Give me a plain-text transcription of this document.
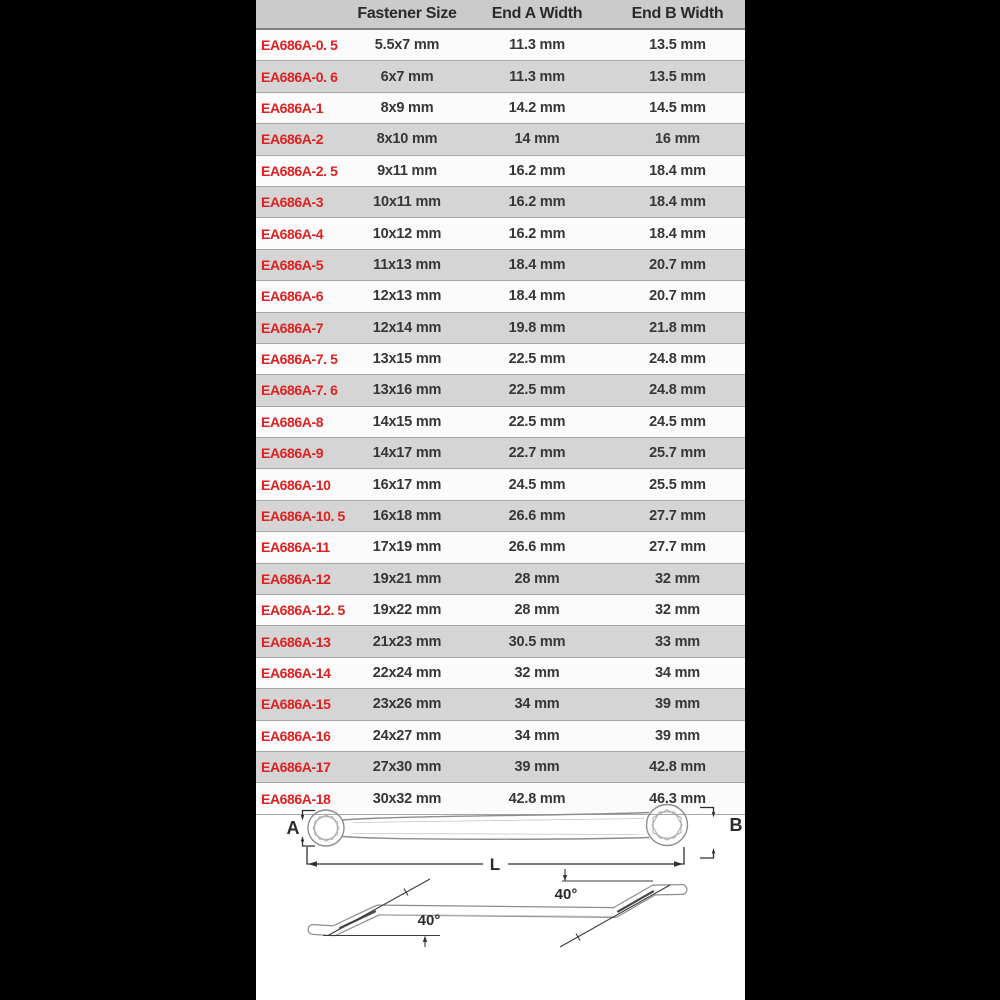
	Fastener Size	End A Width	End B Width
EA686A-0. 5	5.5x7 mm	11.3 mm	13.5 mm
EA686A-0. 6	6x7 mm	11.3 mm	13.5 mm
EA686A-1	8x9 mm	14.2 mm	14.5 mm
EA686A-2	8x10 mm	14 mm	16 mm
EA686A-2. 5	9x11 mm	16.2 mm	18.4 mm
EA686A-3	10x11 mm	16.2 mm	18.4 mm
EA686A-4	10x12 mm	16.2 mm	18.4 mm
EA686A-5	11x13 mm	18.4 mm	20.7 mm
EA686A-6	12x13 mm	18.4 mm	20.7 mm
EA686A-7	12x14 mm	19.8 mm	21.8 mm
EA686A-7. 5	13x15 mm	22.5 mm	24.8 mm
EA686A-7. 6	13x16 mm	22.5 mm	24.8 mm
EA686A-8	14x15 mm	22.5 mm	24.5 mm
EA686A-9	14x17 mm	22.7 mm	25.7 mm
EA686A-10	16x17 mm	24.5 mm	25.5 mm
EA686A-10. 5	16x18 mm	26.6 mm	27.7 mm
EA686A-11	17x19 mm	26.6 mm	27.7 mm
EA686A-12	19x21 mm	28 mm	32 mm
EA686A-12. 5	19x22 mm	28 mm	32 mm
EA686A-13	21x23 mm	30.5 mm	33 mm
EA686A-14	22x24 mm	32 mm	34 mm
EA686A-15	23x26 mm	34 mm	39 mm
EA686A-16	24x27 mm	34 mm	39 mm
EA686A-17	27x30 mm	39 mm	42.8 mm
EA686A-18	30x32 mm	42.8 mm	46.3 mm
A	B
L
40°
40°
